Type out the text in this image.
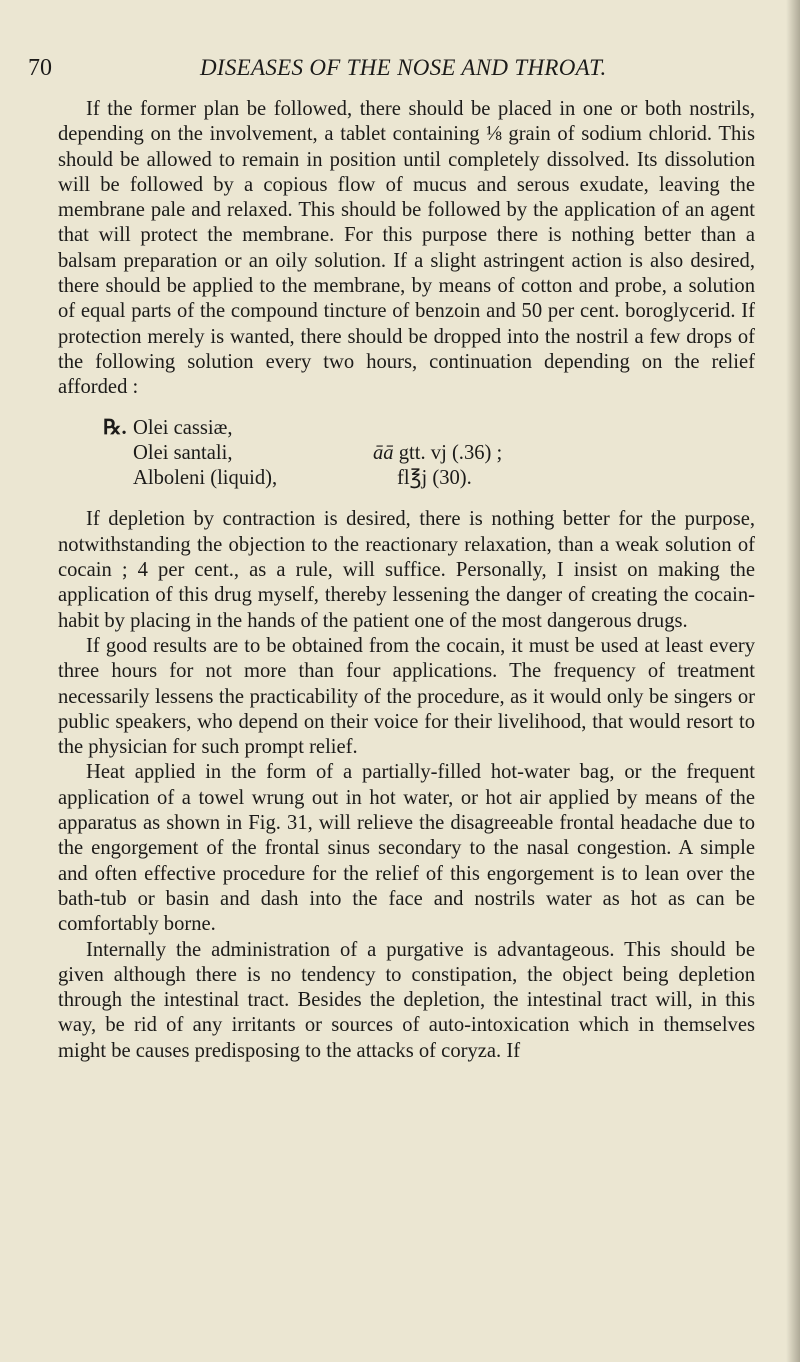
70	DISEASES OF THE NOSE AND THROAT.

If the former plan be followed, there should be placed in one or both nostrils, depending on the involvement, a tablet containing ⅛ grain of sodium chlorid. This should be allowed to remain in position until completely dissolved. Its dissolution will be followed by a copious flow of mucus and serous exudate, leaving the membrane pale and relaxed. This should be followed by the application of an agent that will protect the membrane. For this purpose there is nothing better than a balsam preparation or an oily solution. If a slight astringent action is also desired, there should be applied to the membrane, by means of cotton and probe, a solution of equal parts of the compound tincture of benzoin and 50 per cent. boroglycerid. If protection merely is wanted, there should be dropped into the nostril a few drops of the following solution every two hours, continuation depending on the relief afforded :

℞. Olei cassiæ,
Olei santali,	āā gtt. vj (.36) ;
Alboleni (liquid),	fl℥j (30).

If depletion by contraction is desired, there is nothing better for the purpose, notwithstanding the objection to the reactionary relaxation, than a weak solution of cocain ; 4 per cent., as a rule, will suffice. Personally, I insist on making the application of this drug myself, thereby lessening the danger of creating the cocain-habit by placing in the hands of the patient one of the most dangerous drugs.

If good results are to be obtained from the cocain, it must be used at least every three hours for not more than four applications. The frequency of treatment necessarily lessens the practicability of the procedure, as it would only be singers or public speakers, who depend on their voice for their livelihood, that would resort to the physician for such prompt relief.

Heat applied in the form of a partially-filled hot-water bag, or the frequent application of a towel wrung out in hot water, or hot air applied by means of the apparatus as shown in Fig. 31, will relieve the disagreeable frontal headache due to the engorgement of the frontal sinus secondary to the nasal congestion. A simple and often effective procedure for the relief of this engorgement is to lean over the bath-tub or basin and dash into the face and nostrils water as hot as can be comfortably borne.

Internally the administration of a purgative is advantageous. This should be given although there is no tendency to constipation, the object being depletion through the intestinal tract. Besides the depletion, the intestinal tract will, in this way, be rid of any irritants or sources of auto-intoxication which in themselves might be causes predisposing to the attacks of coryza. If
